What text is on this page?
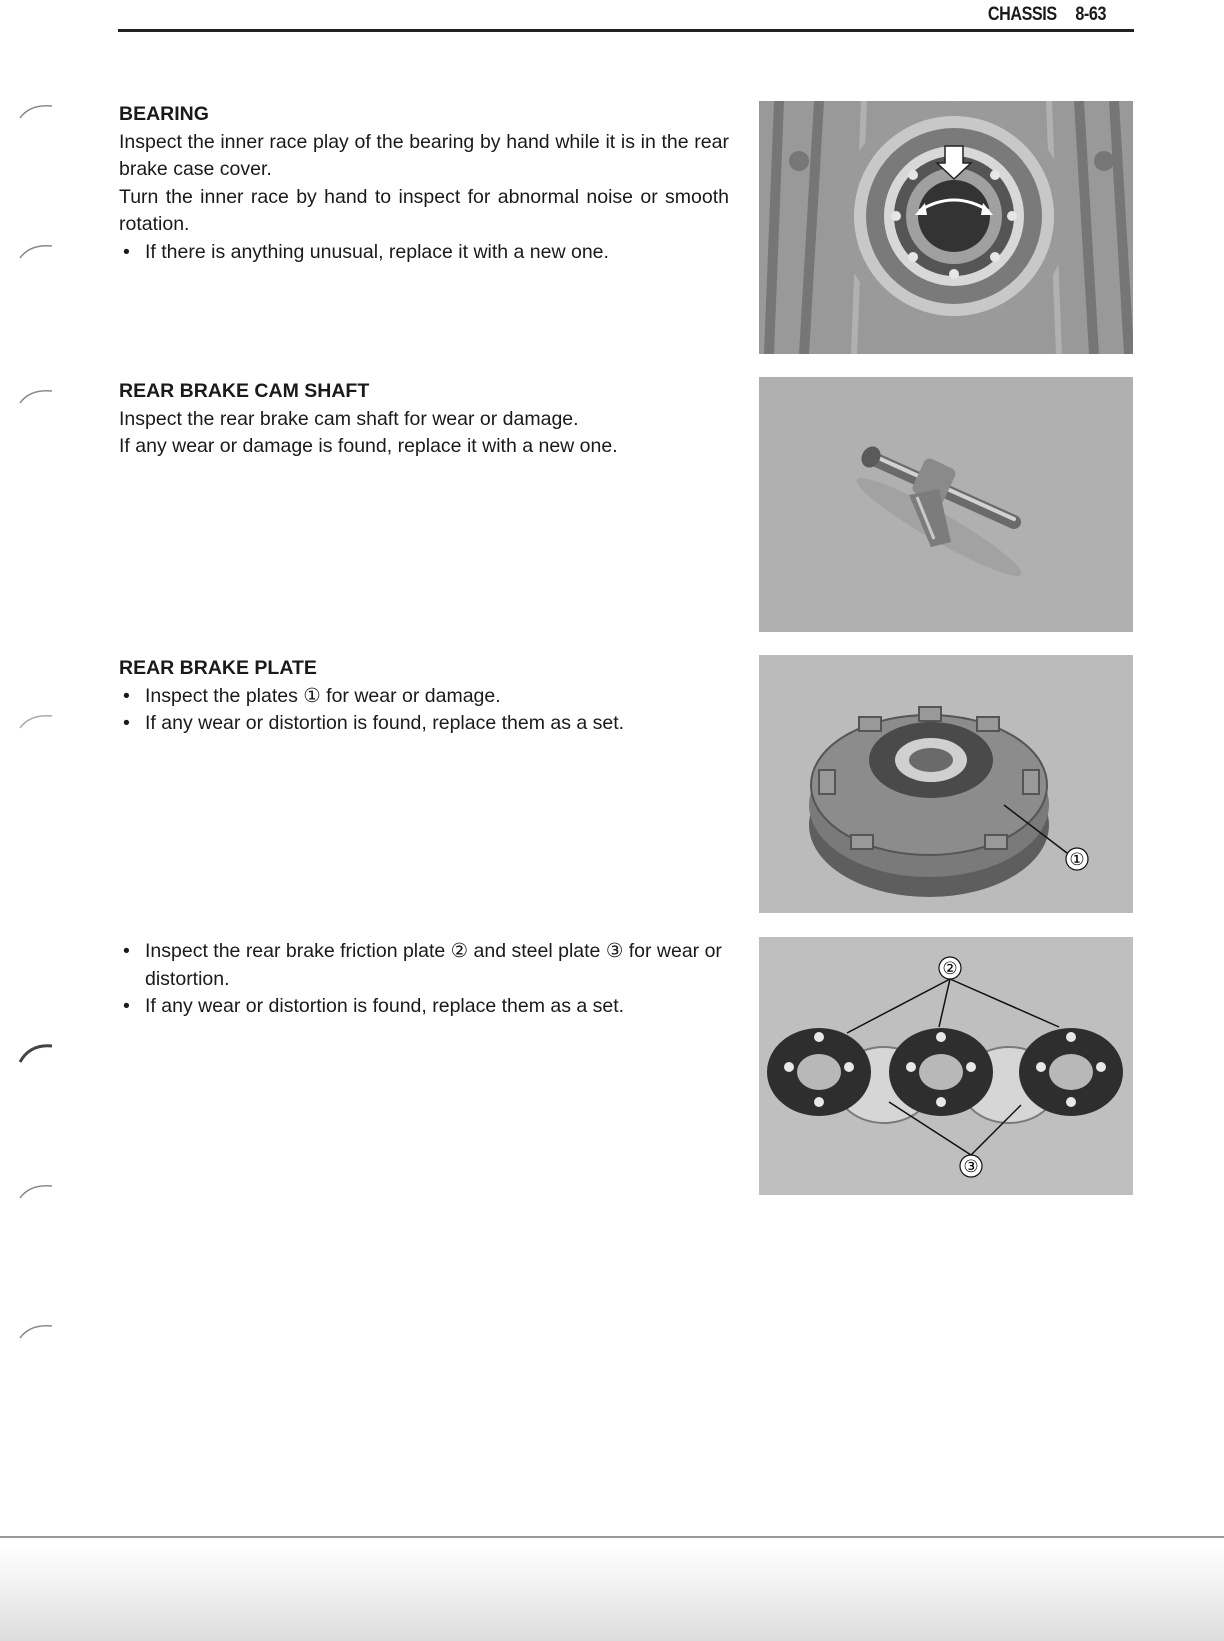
CHASSIS 8-63
BEARING

Inspect the inner race play of the bearing by hand while it is in the rear brake case cover.

Turn the inner race by hand to inspect for abnormal noise or smooth rotation.

• If there is anything unusual, replace it with a new one.
REAR BRAKE CAM SHAFT

Inspect the rear brake cam shaft for wear or damage.

If any wear or damage is found, replace it with a new one.

REAR BRAKE PLATE
• Inspect the plates ① for wear or damage.
• If any wear or distortion is found, replace them as a set.
• Inspect the rear brake friction plate ② and steel plate ③ for wear or distortion.
• If any wear or distortion is found, replace them as a set.
①
②
③
